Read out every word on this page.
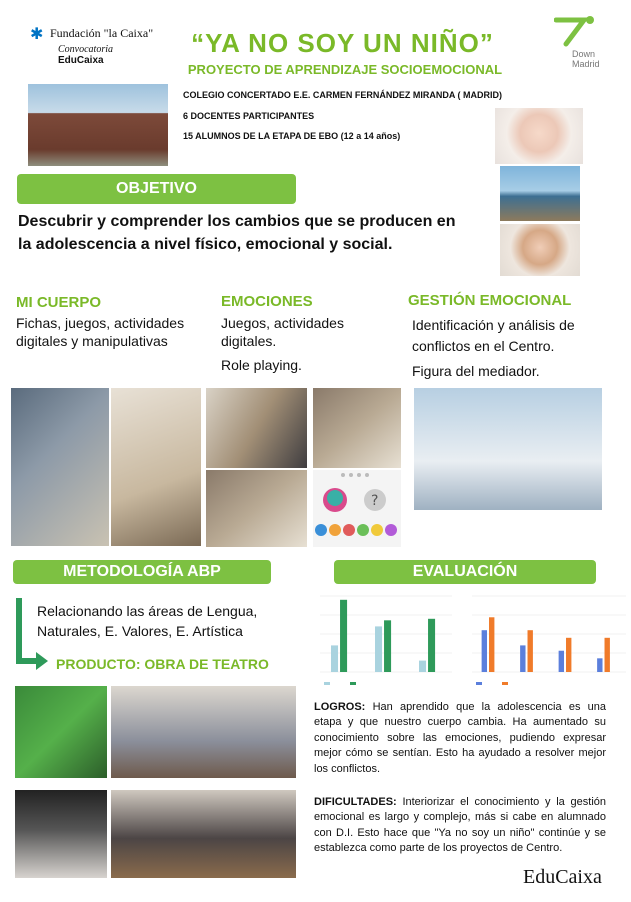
✱ Fundación "la Caixa"
Convocatoria
EduCaixa
“YA NO SOY UN NIÑO”
PROYECTO DE APRENDIZAJE SOCIOEMOCIONAL
Down
Madrid
COLEGIO CONCERTADO E.E. CARMEN FERNÁNDEZ MIRANDA ( MADRID)
6 DOCENTES PARTICIPANTES
15 ALUMNOS DE LA ETAPA DE EBO (12 a 14 años)
OBJETIVO
Descubrir y comprender los cambios que se producen en la adolescencia a nivel físico, emocional y social.
MI CUERPO
Fichas, juegos, actividades digitales y manipulativas
EMOCIONES
Juegos, actividades digitales.
Role playing.
GESTIÓN EMOCIONAL
Identificación y análisis de conflictos en el Centro.
Figura del mediador.
?
METODOLOGÍA ABP
Relacionando las áreas de Lengua, Naturales, E. Valores, E. Artística
PRODUCTO: OBRA DE TEATRO
EVALUACIÓN
LOGROS: Han aprendido que la adolescencia es una etapa y que nuestro cuerpo cambia. Ha aumentado su conocimiento sobre las emociones, pudiendo expresar mejor cómo se sentían. Esto ha ayudado a resolver mejor los conflictos.
DIFICULTADES: Interiorizar el conocimiento y la gestión emocional es largo y complejo, más si cabe en alumnado con D.I. Esto hace que "Ya no soy un niño" continúe y se establezca como parte de los proyectos de Centro.
EduCaixa
